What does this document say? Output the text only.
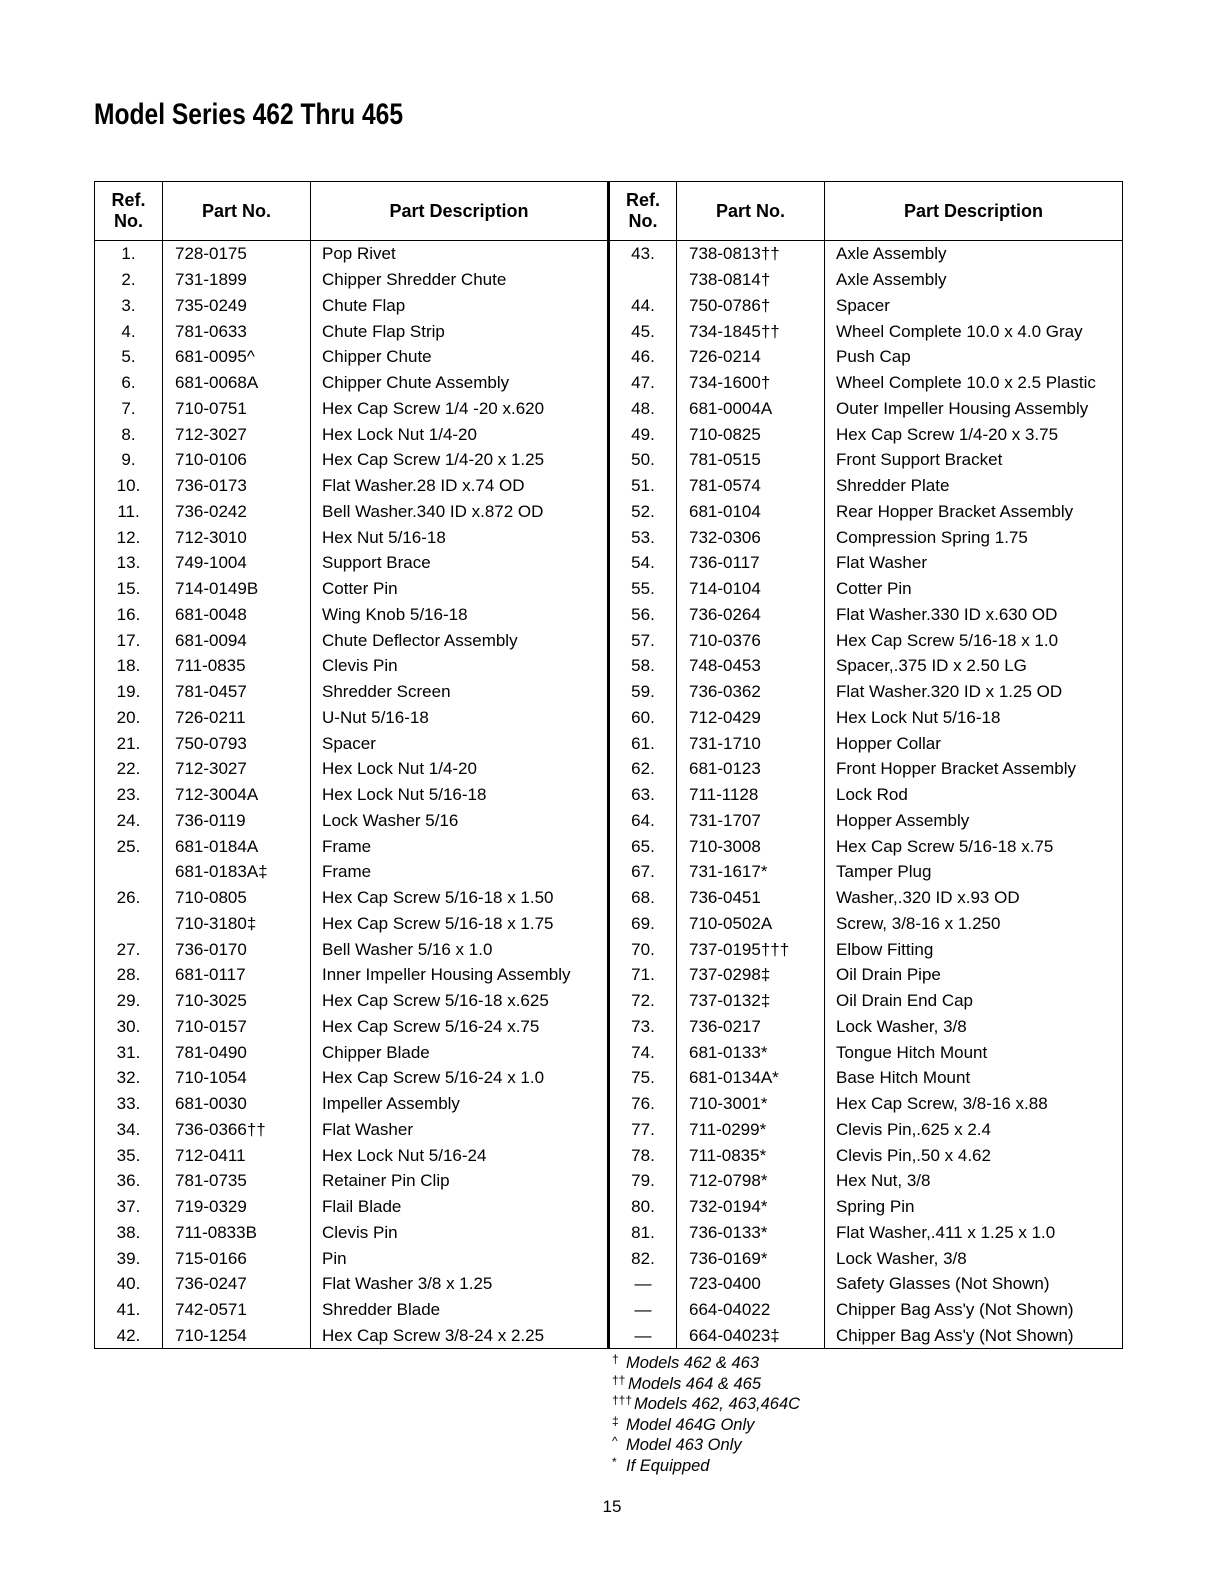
Model Series 462 Thru 465
Ref.
No.	Part No.	Part Description	Ref.
No.	Part No.	Part Description
1.	728-0175	Pop Rivet	43.	738-0813††	Axle Assembly
2.	731-1899	Chipper Shredder Chute		738-0814†	Axle Assembly
3.	735-0249	Chute Flap	44.	750-0786†	Spacer
4.	781-0633	Chute Flap Strip	45.	734-1845††	Wheel Complete 10.0 x 4.0 Gray
5.	681-0095^	Chipper Chute	46.	726-0214	Push Cap
6.	681-0068A	Chipper Chute Assembly	47.	734-1600†	Wheel Complete 10.0 x 2.5 Plastic
7.	710-0751	Hex Cap Screw 1/4 -20 x.620	48.	681-0004A	Outer Impeller Housing Assembly
8.	712-3027	Hex Lock Nut 1/4-20	49.	710-0825	Hex Cap Screw 1/4-20 x 3.75
9.	710-0106	Hex Cap Screw 1/4-20 x 1.25	50.	781-0515	Front Support Bracket
10.	736-0173	Flat Washer.28 ID x.74 OD	51.	781-0574	Shredder Plate
11.	736-0242	Bell Washer.340 ID x.872 OD	52.	681-0104	Rear Hopper Bracket Assembly
12.	712-3010	Hex Nut 5/16-18	53.	732-0306	Compression Spring 1.75
13.	749-1004	Support Brace	54.	736-0117	Flat Washer
15.	714-0149B	Cotter Pin	55.	714-0104	Cotter Pin
16.	681-0048	Wing Knob 5/16-18	56.	736-0264	Flat Washer.330 ID x.630 OD
17.	681-0094	Chute Deflector Assembly	57.	710-0376	Hex Cap Screw 5/16-18 x 1.0
18.	711-0835	Clevis Pin	58.	748-0453	Spacer,.375 ID x 2.50 LG
19.	781-0457	Shredder Screen	59.	736-0362	Flat Washer.320 ID x 1.25 OD
20.	726-0211	U-Nut 5/16-18	60.	712-0429	Hex Lock Nut 5/16-18
21.	750-0793	Spacer	61.	731-1710	Hopper Collar
22.	712-3027	Hex Lock Nut 1/4-20	62.	681-0123	Front Hopper Bracket Assembly
23.	712-3004A	Hex Lock Nut 5/16-18	63.	711-1128	Lock Rod
24.	736-0119	Lock Washer 5/16	64.	731-1707	Hopper Assembly
25.	681-0184A	Frame	65.	710-3008	Hex Cap Screw 5/16-18 x.75
	681-0183A‡	Frame	67.	731-1617*	Tamper Plug
26.	710-0805	Hex Cap Screw 5/16-18 x 1.50	68.	736-0451	Washer,.320 ID x.93 OD
	710-3180‡	Hex Cap Screw 5/16-18 x 1.75	69.	710-0502A	Screw, 3/8-16 x 1.250
27.	736-0170	Bell Washer 5/16 x 1.0	70.	737-0195†††	Elbow Fitting
28.	681-0117	Inner Impeller Housing Assembly	71.	737-0298‡	Oil Drain Pipe
29.	710-3025	Hex Cap Screw 5/16-18 x.625	72.	737-0132‡	Oil Drain End Cap
30.	710-0157	Hex Cap Screw 5/16-24 x.75	73.	736-0217	Lock Washer, 3/8
31.	781-0490	Chipper Blade	74.	681-0133*	Tongue Hitch Mount
32.	710-1054	Hex Cap Screw 5/16-24 x 1.0	75.	681-0134A*	Base Hitch Mount
33.	681-0030	Impeller Assembly	76.	710-3001*	Hex Cap Screw, 3/8-16 x.88
34.	736-0366††	Flat Washer	77.	711-0299*	Clevis Pin,.625 x 2.4
35.	712-0411	Hex Lock Nut 5/16-24	78.	711-0835*	Clevis Pin,.50 x 4.62
36.	781-0735	Retainer Pin Clip	79.	712-0798*	Hex Nut, 3/8
37.	719-0329	Flail Blade	80.	732-0194*	Spring Pin
38.	711-0833B	Clevis Pin	81.	736-0133*	Flat Washer,.411 x 1.25 x 1.0
39.	715-0166	Pin	82.	736-0169*	Lock Washer, 3/8
40.	736-0247	Flat Washer 3/8 x 1.25	—	723-0400	Safety Glasses (Not Shown)
41.	742-0571	Shredder Blade	—	664-04022	Chipper Bag Ass'y (Not Shown)
42.	710-1254	Hex Cap Screw 3/8-24 x 2.25	—	664-04023‡	Chipper Bag Ass'y (Not Shown)
† Models 462 & 463
†† Models 464 & 465
††† Models 462, 463,464C
‡ Model 464G Only
^ Model 463 Only
* If Equipped
15
